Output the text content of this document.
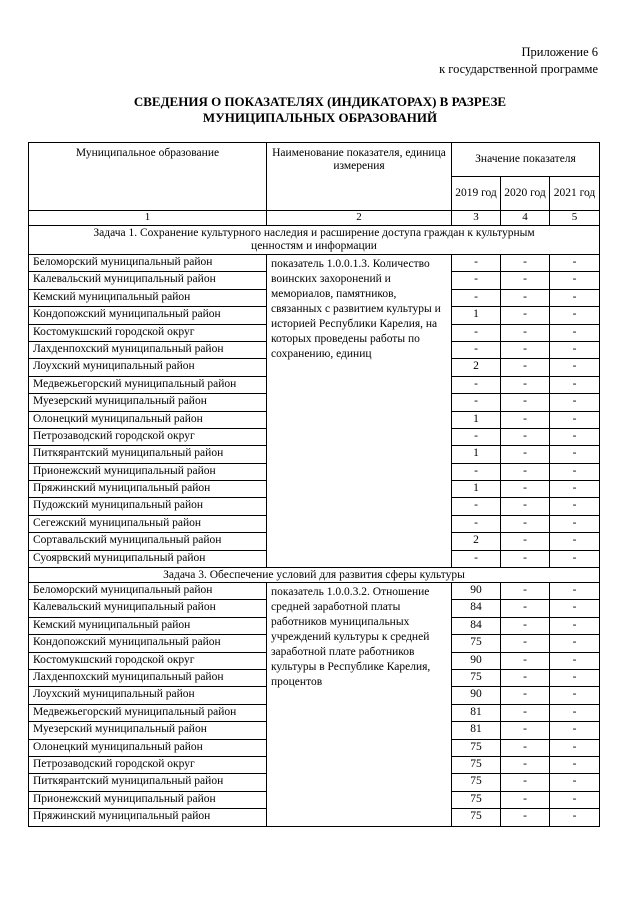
Приложение 6
к государственной программе
СВЕДЕНИЯ О ПОКАЗАТЕЛЯХ (ИНДИКАТОРАХ) В РАЗРЕЗЕ
МУНИЦИПАЛЬНЫХ ОБРАЗОВАНИЙ
Муниципальное образование	Наименование показателя, единица измерения	Значение показателя		
		2019 год	2020 год	2021 год
1	2	3	4	5
Задача 1. Сохранение культурного наследия и расширение доступа граждан к культурным ценностям и информации				
Беломорский муниципальный район	показатель 1.0.0.1.3. Количество воинских захоронений и мемориалов, памятников, связанных с развитием культуры и историей Республики Карелия, на которых проведены работы по сохранению, единиц	-	-	-
Калевальский муниципальный район		-	-	-
Кемский муниципальный район		-	-	-
Кондопожский муниципальный район		1	-	-
Костомукшский городской округ		-	-	-
Лахденпохский муниципальный район		-	-	-
Лоухский муниципальный район		2	-	-
Медвежьегорский муниципальный район		-	-	-
Муезерский муниципальный район		-	-	-
Олонецкий муниципальный район		1	-	-
Петрозаводский городской округ		-	-	-
Питкярантский муниципальный район		1	-	-
Прионежский муниципальный район		-	-	-
Пряжинский муниципальный район		1	-	-
Пудожский муниципальный район		-	-	-
Сегежский муниципальный район		-	-	-
Сортавальский муниципальный район		2	-	-
Суоярвский муниципальный район		-	-	-
Задача 3. Обеспечение условий для развития сферы культуры				
Беломорский муниципальный район	показатель 1.0.0.3.2. Отношение средней заработной платы работников муниципальных учреждений культуры к средней заработной плате работников культуры в Республике Карелия, процентов	90	-	-
Калевальский муниципальный район		84	-	-
Кемский муниципальный район		84	-	-
Кондопожский муниципальный район		75	-	-
Костомукшский городской округ		90	-	-
Лахденпохский муниципальный район		75	-	-
Лоухский муниципальный район		90	-	-
Медвежьегорский муниципальный район		81	-	-
Муезерский муниципальный район		81	-	-
Олонецкий муниципальный район		75	-	-
Петрозаводский городской округ		75	-	-
Питкярантский муниципальный район		75	-	-
Прионежский муниципальный район		75	-	-
Пряжинский муниципальный район		75	-	-
